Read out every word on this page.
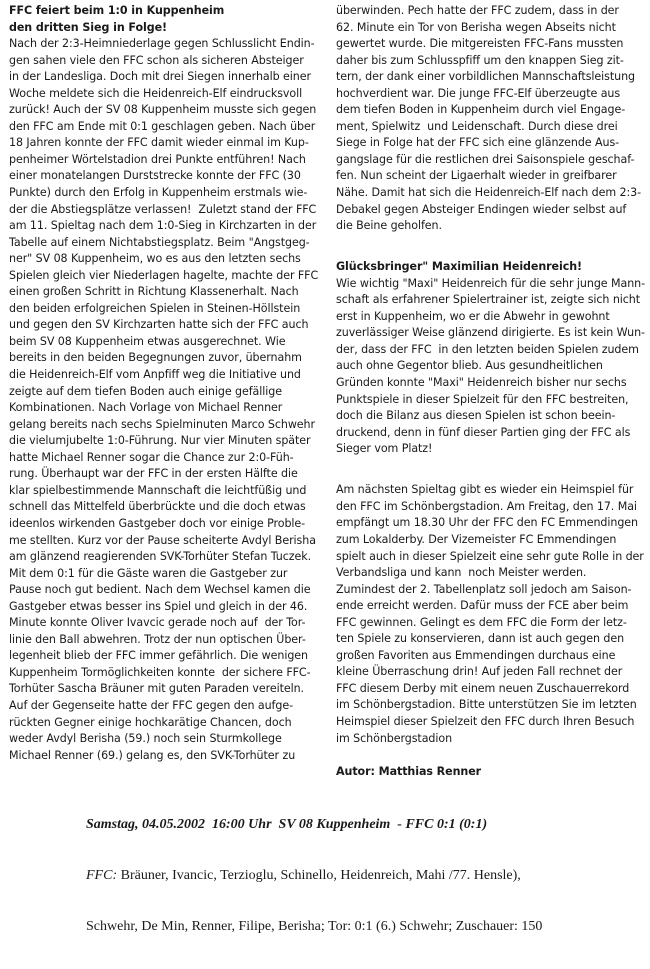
FFC feiert beim 1:0 in Kuppenheim
den dritten Sieg in Folge!
Nach der 2:3-Heimniederlage gegen Schlusslicht Endin-
gen sahen viele den FFC schon als sicheren Absteiger
in der Landesliga. Doch mit drei Siegen innerhalb einer
Woche meldete sich die Heidenreich-Elf eindrucksvoll
zurück! Auch der SV 08 Kuppenheim musste sich gegen
den FFC am Ende mit 0:1 geschlagen geben. Nach über
18 Jahren konnte der FFC damit wieder einmal im Kup-
penheimer Wörtelstadion drei Punkte entführen! Nach
einer monatelangen Durststrecke konnte der FFC (30
Punkte) durch den Erfolg in Kuppenheim erstmals wie-
der die Abstiegsplätze verlassen!  Zuletzt stand der FFC
am 11. Spieltag nach dem 1:0-Sieg in Kirchzarten in der
Tabelle auf einem Nichtabstiegsplatz. Beim "Angstgeg-
ner" SV 08 Kuppenheim, wo es aus den letzten sechs
Spielen gleich vier Niederlagen hagelte, machte der FFC
einen großen Schritt in Richtung Klassenerhalt. Nach
den beiden erfolgreichen Spielen in Steinen-Höllstein
und gegen den SV Kirchzarten hatte sich der FFC auch
beim SV 08 Kuppenheim etwas ausgerechnet. Wie
bereits in den beiden Begegnungen zuvor, übernahm
die Heidenreich-Elf vom Anpfiff weg die Initiative und
zeigte auf dem tiefen Boden auch einige gefällige
Kombinationen. Nach Vorlage von Michael Renner
gelang bereits nach sechs Spielminuten Marco Schwehr
die vielumjubelte 1:0-Führung. Nur vier Minuten später
hatte Michael Renner sogar die Chance zur 2:0-Füh-
rung. Überhaupt war der FFC in der ersten Hälfte die
klar spielbestimmende Mannschaft die leichtfüßig und
schnell das Mittelfeld überbrückte und die doch etwas
ideenlos wirkenden Gastgeber doch vor einige Proble-
me stellten. Kurz vor der Pause scheiterte Avdyl Berisha
am glänzend reagierenden SVK-Torhüter Stefan Tuczek.
Mit dem 0:1 für die Gäste waren die Gastgeber zur
Pause noch gut bedient. Nach dem Wechsel kamen die
Gastgeber etwas besser ins Spiel und gleich in der 46.
Minute konnte Oliver Ivavcic gerade noch auf  der Tor-
linie den Ball abwehren. Trotz der nun optischen Über-
legenheit blieb der FFC immer gefährlich. Die wenigen
Kuppenheim Tormöglichkeiten konnte  der sichere FFC-
Torhüter Sascha Bräuner mit guten Paraden vereiteln.
Auf der Gegenseite hatte der FFC gegen den aufge-
rückten Gegner einige hochkarätige Chancen, doch
weder Avdyl Berisha (59.) noch sein Sturmkollege
Michael Renner (69.) gelang es, den SVK-Torhüter zu
überwinden. Pech hatte der FFC zudem, dass in der
62. Minute ein Tor von Berisha wegen Abseits nicht
gewertet wurde. Die mitgereisten FFC-Fans mussten
daher bis zum Schlusspfiff um den knappen Sieg zit-
tern, der dank einer vorbildlichen Mannschaftsleistung
hochverdient war. Die junge FFC-Elf überzeugte aus
dem tiefen Boden in Kuppenheim durch viel Engage-
ment, Spielwitz  und Leidenschaft. Durch diese drei
Siege in Folge hat der FFC sich eine glänzende Aus-
gangslage für die restlichen drei Saisonspiele geschaf-
fen. Nun scheint der Ligaerhalt wieder in greifbarer
Nähe. Damit hat sich die Heidenreich-Elf nach dem 2:3-
Debakel gegen Absteiger Endingen wieder selbst auf
die Beine geholfen.
Glücksbringer" Maximilian Heidenreich!
Wie wichtig "Maxi" Heidenreich für die sehr junge Mann-
schaft als erfahrener Spielertrainer ist, zeigte sich nicht
erst in Kuppenheim, wo er die Abwehr in gewohnt
zuverlässiger Weise glänzend dirigierte. Es ist kein Wun-
der, dass der FFC  in den letzten beiden Spielen zudem
auch ohne Gegentor blieb. Aus gesundheitlichen
Gründen konnte "Maxi" Heidenreich bisher nur sechs
Punktspiele in dieser Spielzeit für den FFC bestreiten,
doch die Bilanz aus diesen Spielen ist schon beein-
druckend, denn in fünf dieser Partien ging der FFC als
Sieger vom Platz!
Am nächsten Spieltag gibt es wieder ein Heimspiel für
den FFC im Schönbergstadion. Am Freitag, den 17. Mai
empfängt um 18.30 Uhr der FFC den FC Emmendingen
zum Lokalderby. Der Vizemeister FC Emmendingen
spielt auch in dieser Spielzeit eine sehr gute Rolle in der
Verbandsliga und kann  noch Meister werden.
Zumindest der 2. Tabellenplatz soll jedoch am Saison-
ende erreicht werden. Dafür muss der FCE aber beim
FFC gewinnen. Gelingt es dem FFC die Form der letz-
ten Spiele zu konservieren, dann ist auch gegen den
großen Favoriten aus Emmendingen durchaus eine
kleine Überraschung drin! Auf jeden Fall rechnet der
FFC diesem Derby mit einem neuen Zuschauerrekord
im Schönbergstadion. Bitte unterstützen Sie im letzten
Heimspiel dieser Spielzeit den FFC durch Ihren Besuch
im Schönbergstadion
Autor: Matthias Renner

Samstag, 04.05.2002  16:00 Uhr SV 08 Kuppenheim  - FFC 0:1 (0:1)

FFC: Bräuner, Ivancic, Terzioglu, Schinello, Heidenreich, Mahi /77. Hensle),

Schwehr, De Min, Renner, Filipe, Berisha; Tor: 0:1 (6.) Schwehr; Zuschauer: 150
